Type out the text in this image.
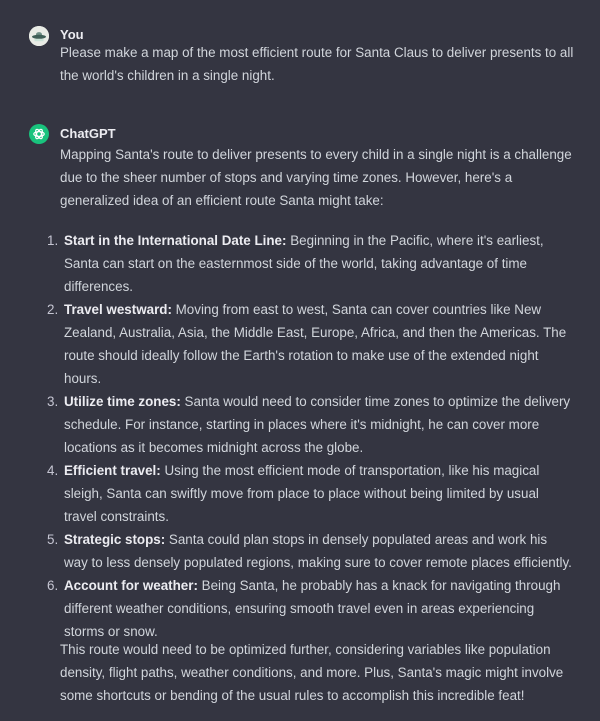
You
Please make a map of the most efficient route for Santa Claus to deliver presents to all the world's children in a single night.
ChatGPT
Mapping Santa's route to deliver presents to every child in a single night is a challenge due to the sheer number of stops and varying time zones. However, here's a generalized idea of an efficient route Santa might take:
1. Start in the International Date Line: Beginning in the Pacific, where it's earliest, Santa can start on the easternmost side of the world, taking advantage of time differences.
2. Travel westward: Moving from east to west, Santa can cover countries like New Zealand, Australia, Asia, the Middle East, Europe, Africa, and then the Americas. The route should ideally follow the Earth's rotation to make use of the extended night hours.
3. Utilize time zones: Santa would need to consider time zones to optimize the delivery schedule. For instance, starting in places where it's midnight, he can cover more locations as it becomes midnight across the globe.
4. Efficient travel: Using the most efficient mode of transportation, like his magical sleigh, Santa can swiftly move from place to place without being limited by usual travel constraints.
5. Strategic stops: Santa could plan stops in densely populated areas and work his way to less densely populated regions, making sure to cover remote places efficiently.
6. Account for weather: Being Santa, he probably has a knack for navigating through different weather conditions, ensuring smooth travel even in areas experiencing storms or snow.
This route would need to be optimized further, considering variables like population density, flight paths, weather conditions, and more. Plus, Santa's magic might involve some shortcuts or bending of the usual rules to accomplish this incredible feat!
